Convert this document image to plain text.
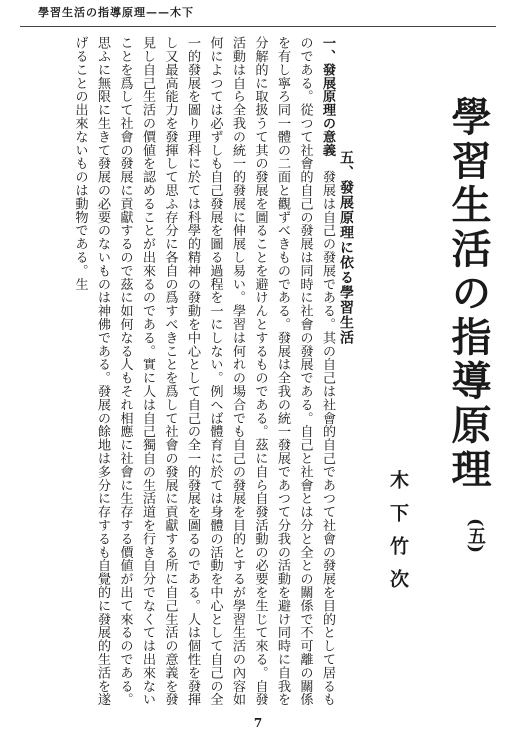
學習生活の指導原理——木下
學習生活の指導原理
(五)
木下竹次
五、發展原理に依る學習生活
一、發展原理の意義　發展は自己の發展である。其の自己は社會的自己であつて社會の發展を目的として居るものである。從つて社會的自己の發展は同時に社會の發展である。自己と社會とは分と全との關係で不可離の關係を有し寧ろ同一體の二面と觀ずべきものである。發展は全我の統一發展であつて分我の活動を避け同時に自我を分解的に取扱うて其の發展を圖ることを避けんとするものである。茲に自ら自發活動の必要を生じて來る。自發活動は自ら全我の統一的發展に伸展し易い。學習は何れの場合でも自己の發展を目的とするが學習生活の內容如何によつては必ずしも自己發展を圖る過程を一にしない。例へば體育に於ては身體の活動を中心として自己の全一的發展を圖り理科に於ては科學的精神の發動を中心として自己の全一的發展を圖るのである。人は個性を發揮し又最高能力を發揮して思ふ存分に各自の爲すべきことを爲して社會の發展に貢獻する所に自己生活の意義を發見し自己生活の價値を認めることが出來るのである。實に人は自己獨自の生活道を行き自分でなくては出來ないことを爲して社會の發展に貢獻するので茲に如何なる人もそれ相應に社會に生存する價値が出て來るのである。思ふに無限に生きて發展の必要のないものは神佛である。發展の餘地は多分に存するも自覺的に發展的生活を遂げることの出來ないものは動物である。生
7
